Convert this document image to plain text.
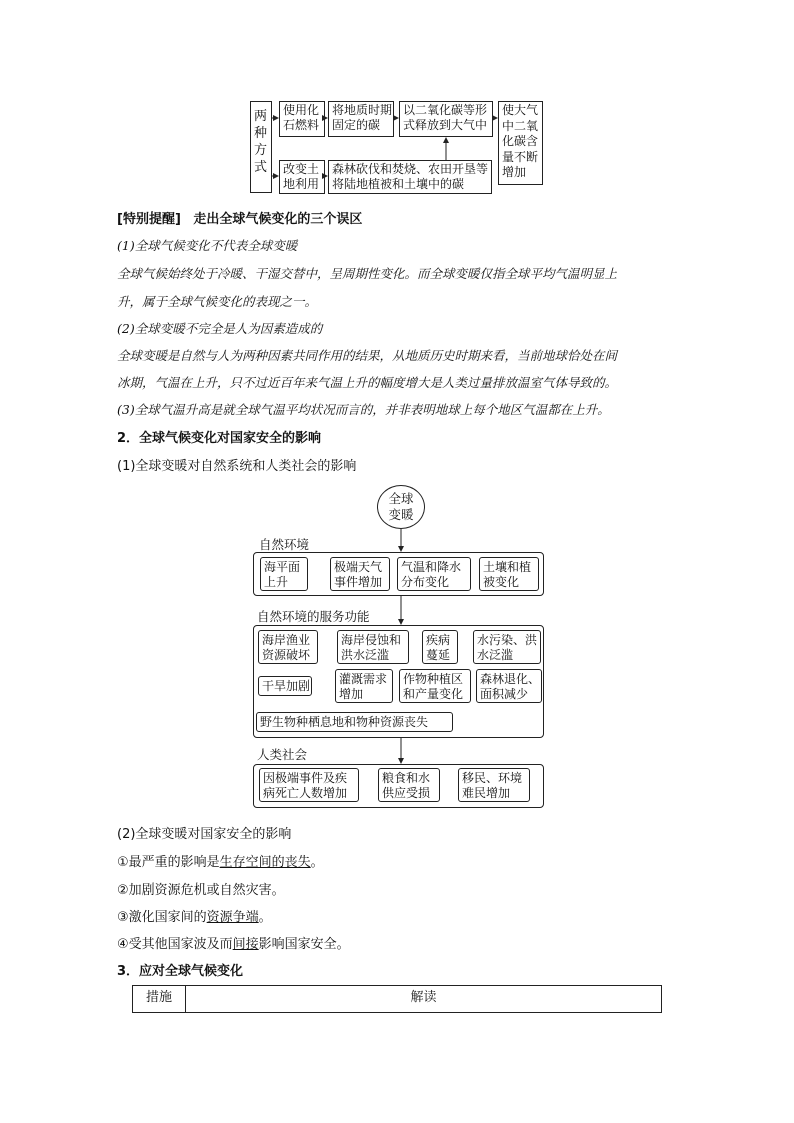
两
种
方
式
使用化
石燃料
将地质时期
固定的碳
以二氧化碳等形
式释放到大气中
改变土
地利用
森林砍伐和焚烧、农田开垦等
将陆地植被和土壤中的碳
使大气
中二氧
化碳含
量不断
增加
[特别提醒] 走出全球气候变化的三个误区
(1)全球气候变化不代表全球变暖
全球气候始终处于冷暖、干湿交替中，呈周期性变化。而全球变暖仅指全球平均气温明显上
升，属于全球气候变化的表现之一。
(2)全球变暖不完全是人为因素造成的
全球变暖是自然与人为两种因素共同作用的结果，从地质历史时期来看，当前地球恰处在间
冰期，气温在上升，只不过近百年来气温上升的幅度增大是人类过量排放温室气体导致的。
(3)全球气温升高是就全球气温平均状况而言的，并非表明地球上每个地区气温都在上升。
2．全球气候变化对国家安全的影响
(1)全球变暖对自然系统和人类社会的影响
全球
变暖
自然环境
海平面
上升
极端天气
事件增加
气温和降水
分布变化
土壤和植
被变化
自然环境的服务功能
海岸渔业
资源破坏
海岸侵蚀和
洪水泛滥
疾病
蔓延
水污染、洪
水泛滥
干旱加剧	灌溉需求
增加
作物种植区
和产量变化
森林退化、
面积减少
野生物种栖息地和物种资源丧失
人类社会
因极端事件及疾
病死亡人数增加
粮食和水
供应受损
移民、环境
难民增加
(2)全球变暖对国家安全的影响
①最严重的影响是生存空间的丧失。
②加剧资源危机或自然灾害。
③激化国家间的资源争端。
④受其他国家波及而间接影响国家安全。
3．应对全球气候变化
措施	解读
